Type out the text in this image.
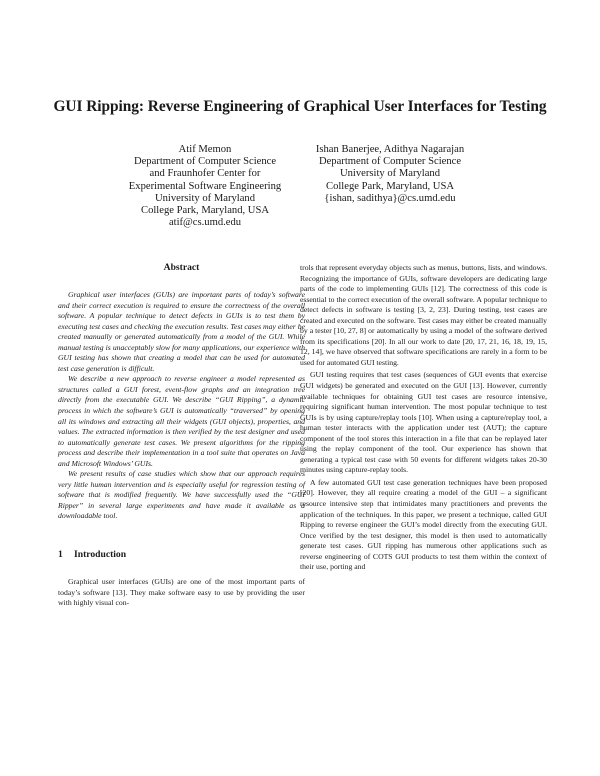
GUI Ripping: Reverse Engineering of Graphical User Interfaces for Testing
Atif Memon
Department of Computer Science
and Fraunhofer Center for
Experimental Software Engineering
University of Maryland
College Park, Maryland, USA
atif@cs.umd.edu
Ishan Banerjee, Adithya Nagarajan
Department of Computer Science
University of Maryland
College Park, Maryland, USA
{ishan, sadithya}@cs.umd.edu
Abstract

Graphical user interfaces (GUIs) are important parts of today’s software and their correct execution is required to ensure the correctness of the overall software. A popular technique to detect defects in GUIs is to test them by executing test cases and checking the execution results. Test cases may either be created manually or generated automatically from a model of the GUI. While manual testing is unacceptably slow for many applications, our experience with GUI testing has shown that creating a model that can be used for automated test case generation is difficult.

We describe a new approach to reverse engineer a model represented as structures called a GUI forest, event-flow graphs and an integration tree directly from the executable GUI. We describe “GUI Ripping”, a dynamic process in which the software’s GUI is automatically “traversed” by opening all its windows and extracting all their widgets (GUI objects), properties, and values. The extracted information is then verified by the test designer and used to automatically generate test cases. We present algorithms for the ripping process and describe their implementation in a tool suite that operates on Java and Microsoft Windows’ GUIs.

We present results of case studies which show that our approach requires very little human intervention and is especially useful for regression testing of software that is modified frequently. We have successfully used the “GUI Ripper” in several large experiments and have made it available as a downloadable tool.

1 Introduction

Graphical user interfaces (GUIs) are one of the most important parts of today’s software [13]. They make software easy to use by providing the user with highly visual con-

trols that represent everyday objects such as menus, buttons, lists, and windows. Recognizing the importance of GUIs, software developers are dedicating large parts of the code to implementing GUIs [12]. The correctness of this code is essential to the correct execution of the overall software. A popular technique to detect defects in software is testing [3, 2, 23]. During testing, test cases are created and executed on the software. Test cases may either be created manually by a tester [10, 27, 8] or automatically by using a model of the software derived from its specifications [20]. In all our work to date [20, 17, 21, 16, 18, 19, 15, 12, 14], we have observed that software specifications are rarely in a form to be used for automated GUI testing.

GUI testing requires that test cases (sequences of GUI events that exercise GUI widgets) be generated and executed on the GUI [13]. However, currently available techniques for obtaining GUI test cases are resource intensive, requiring significant human intervention. The most popular technique to test GUIs is by using capture/replay tools [10]. When using a capture/replay tool, a human tester interacts with the application under test (AUT); the capture component of the tool stores this interaction in a file that can be replayed later using the replay component of the tool. Our experience has shown that generating a typical test case with 50 events for different widgets takes 20-30 minutes using capture-replay tools.

A few automated GUI test case generation techniques have been proposed [20]. However, they all require creating a model of the GUI – a significant resource intensive step that intimidates many practitioners and prevents the application of the techniques. In this paper, we present a technique, called GUI Ripping to reverse engineer the GUI’s model directly from the executing GUI. Once verified by the test designer, this model is then used to automatically generate test cases. GUI ripping has numerous other applications such as reverse engineering of COTS GUI products to test them within the context of their use, porting and
